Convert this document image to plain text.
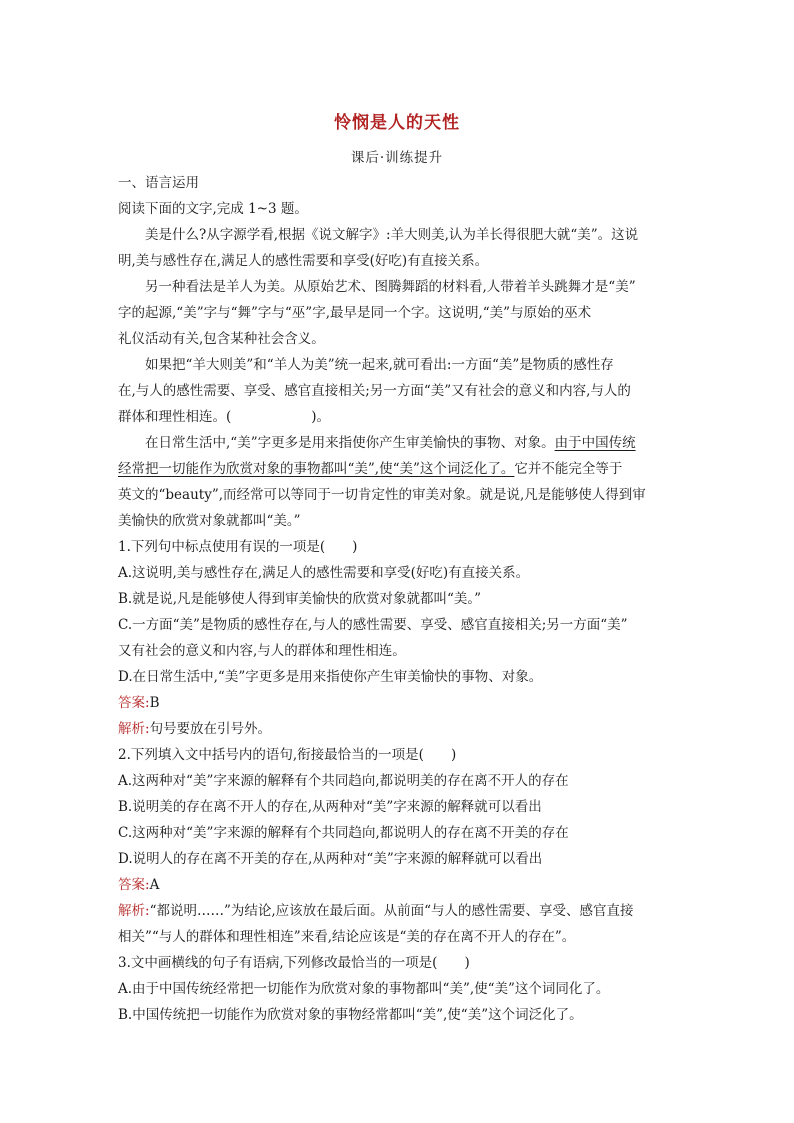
怜悯是人的天性
课后·训练提升
一、语言运用
阅读下面的文字,完成 1~3 题。
美是什么?从字源学看,根据《说文解字》:羊大则美,认为羊长得很肥大就“美”。这说
明,美与感性存在,满足人的感性需要和享受(好吃)有直接关系。
另一种看法是羊人为美。从原始艺术、图腾舞蹈的材料看,人带着羊头跳舞才是“美”
字的起源,“美”字与“舞”字与“巫”字,最早是同一个字。这说明,“美”与原始的巫术
礼仪活动有关,包含某种社会含义。
如果把“羊大则美”和“羊人为美”统一起来,就可看出:一方面“美”是物质的感性存
在,与人的感性需要、享受、感官直接相关;另一方面“美”又有社会的意义和内容,与人的
群体和理性相连。(	)。
在日常生活中,“美”字更多是用来指使你产生审美愉快的事物、对象。由于中国传统
经常把一切能作为欣赏对象的事物都叫“美”,使“美”这个词泛化了。它并不能完全等于
英文的“beauty”,而经常可以等同于一切肯定性的审美对象。就是说,凡是能够使人得到审
美愉快的欣赏对象就都叫“美。”
1.下列句中标点使用有误的一项是(　　)
A.这说明,美与感性存在,满足人的感性需要和享受(好吃)有直接关系。
B.就是说,凡是能够使人得到审美愉快的欣赏对象就都叫“美。”
C.一方面“美”是物质的感性存在,与人的感性需要、享受、感官直接相关;另一方面“美”
又有社会的意义和内容,与人的群体和理性相连。
D.在日常生活中,“美”字更多是用来指使你产生审美愉快的事物、对象。
答案:B
解析:句号要放在引号外。
2.下列填入文中括号内的语句,衔接最恰当的一项是(　　)
A.这两种对“美”字来源的解释有个共同趋向,都说明美的存在离不开人的存在
B.说明美的存在离不开人的存在,从两种对“美”字来源的解释就可以看出
C.这两种对“美”字来源的解释有个共同趋向,都说明人的存在离不开美的存在
D.说明人的存在离不开美的存在,从两种对“美”字来源的解释就可以看出
答案:A
解析:“都说明……”为结论,应该放在最后面。从前面“与人的感性需要、享受、感官直接
相关”“与人的群体和理性相连”来看,结论应该是“美的存在离不开人的存在”。
3.文中画横线的句子有语病,下列修改最恰当的一项是(　　)
A.由于中国传统经常把一切能作为欣赏对象的事物都叫“美”,使“美”这个词同化了。
B.中国传统把一切能作为欣赏对象的事物经常都叫“美”,使“美”这个词泛化了。
